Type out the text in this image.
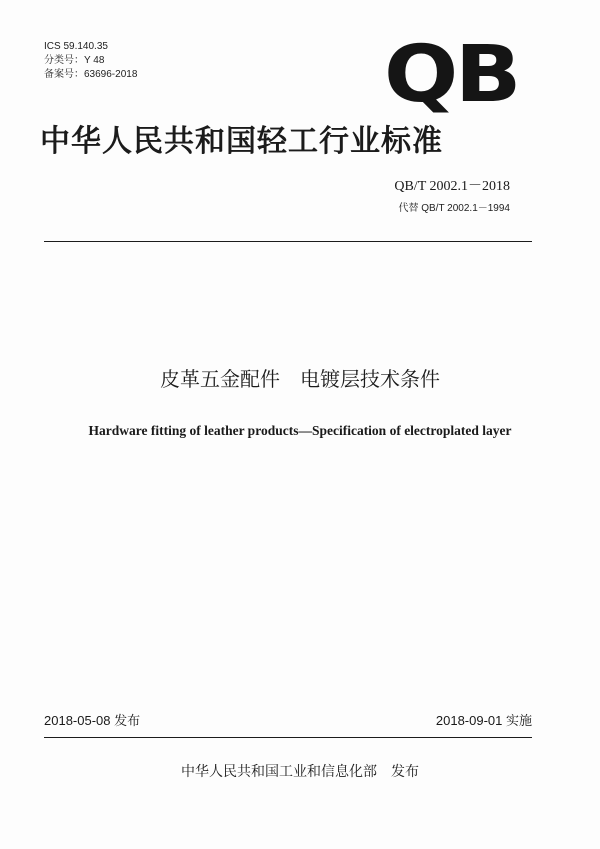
ICS 59.140.35
分类号：Y 48
备案号：63696-2018	QB
中华人民共和国轻工行业标准
QB/T 2002.1－2018
代替 QB/T 2002.1－1994
皮革五金配件　电镀层技术条件
Hardware fitting of leather products—Specification of electroplated layer
2018-05-08 发布	2018-09-01 实施
中华人民共和国工业和信息化部　发布
